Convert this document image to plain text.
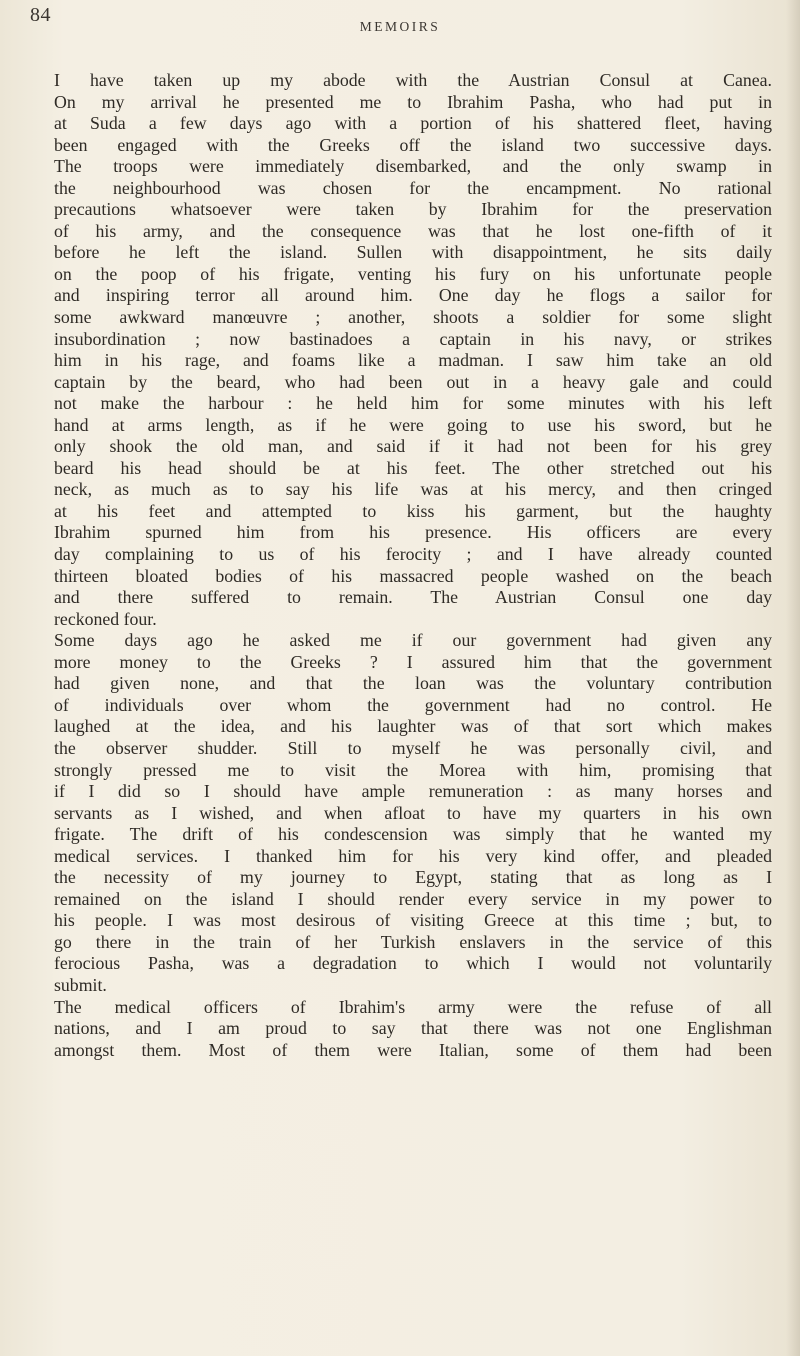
84
MEMOIRS
I have taken up my abode with the Austrian Consul at Canea.
On my arrival he presented me to Ibrahim Pasha, who had put in
at Suda a few days ago with a portion of his shattered fleet, having
been engaged with the Greeks off the island two successive days.
The troops were immediately disembarked, and the only swamp in
the neighbourhood was chosen for the encampment. No rational
precautions whatsoever were taken by Ibrahim for the preservation
of his army, and the consequence was that he lost one-fifth of it
before he left the island. Sullen with disappointment, he sits daily
on the poop of his frigate, venting his fury on his unfortunate people
and inspiring terror all around him. One day he flogs a sailor for
some awkward manœuvre ; another, shoots a soldier for some slight
insubordination ; now bastinadoes a captain in his navy, or strikes
him in his rage, and foams like a madman. I saw him take an old
captain by the beard, who had been out in a heavy gale and could
not make the harbour : he held him for some minutes with his left
hand at arms length, as if he were going to use his sword, but he
only shook the old man, and said if it had not been for his grey
beard his head should be at his feet. The other stretched out his
neck, as much as to say his life was at his mercy, and then cringed
at his feet and attempted to kiss his garment, but the haughty
Ibrahim spurned him from his presence. His officers are every
day complaining to us of his ferocity ; and I have already counted
thirteen bloated bodies of his massacred people washed on the beach
and there suffered to remain. The Austrian Consul one day
reckoned four.
Some days ago he asked me if our government had given any
more money to the Greeks ? I assured him that the government
had given none, and that the loan was the voluntary contribution
of individuals over whom the government had no control. He
laughed at the idea, and his laughter was of that sort which makes
the observer shudder. Still to myself he was personally civil, and
strongly pressed me to visit the Morea with him, promising that
if I did so I should have ample remuneration : as many horses and
servants as I wished, and when afloat to have my quarters in his own
frigate. The drift of his condescension was simply that he wanted my
medical services. I thanked him for his very kind offer, and pleaded
the necessity of my journey to Egypt, stating that as long as I
remained on the island I should render every service in my power to
his people. I was most desirous of visiting Greece at this time ; but, to
go there in the train of her Turkish enslavers in the service of this
ferocious Pasha, was a degradation to which I would not voluntarily
submit.
The medical officers of Ibrahim's army were the refuse of all
nations, and I am proud to say that there was not one Englishman
amongst them. Most of them were Italian, some of them had been
